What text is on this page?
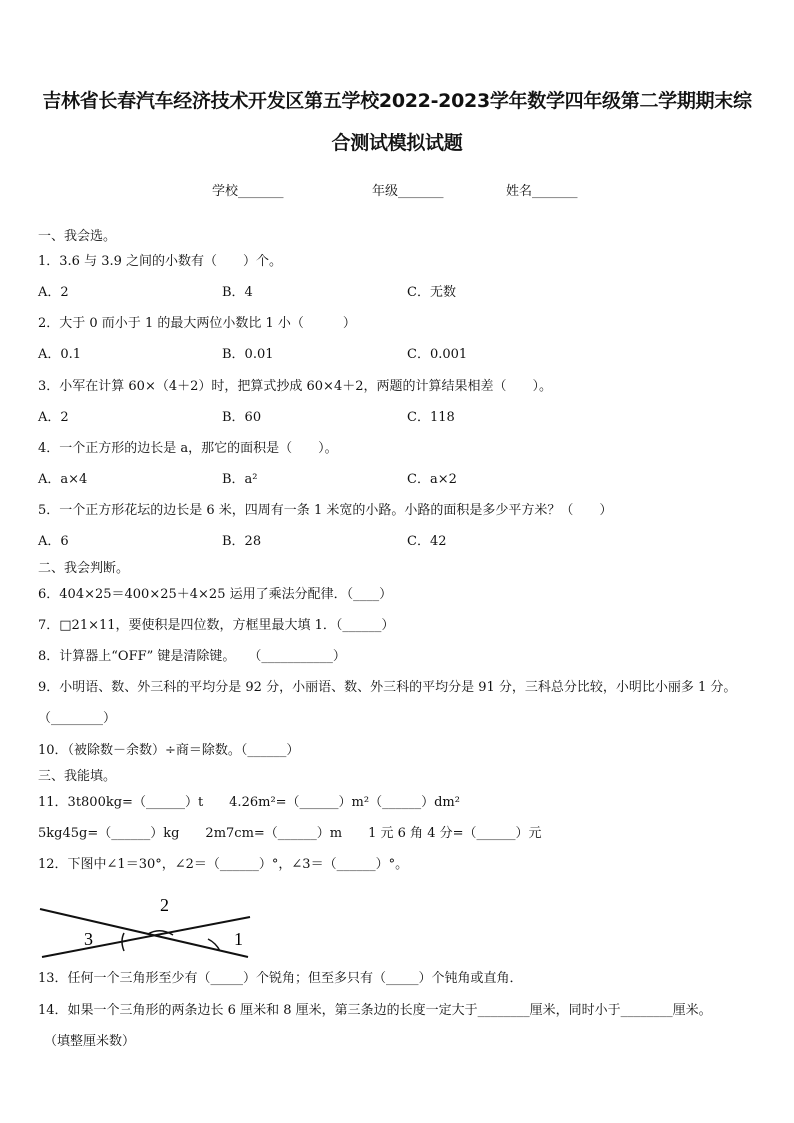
吉林省长春汽车经济技术开发区第五学校2022-2023学年数学四年级第二学期期末综
合测试模拟试题
学校_______	年级_______	姓名_______
一、我会选。
1．3.6 与 3.9 之间的小数有（　　）个。
A．2	B．4	C．无数
2．大于 0 而小于 1 的最大两位小数比 1 小（　　　）
A．0.1	B．0.01	C．0.001
3．小军在计算 60×（4＋2）时，把算式抄成 60×4＋2，两题的计算结果相差（　　）。
A．2	B．60	C．118
4．一个正方形的边长是 a，那它的面积是（　　）。
A．a×4	B．a²	C．a×2
5．一个正方形花坛的边长是 6 米，四周有一条 1 米宽的小路。小路的面积是多少平方米？（　　）
A．6	B．28	C．42
二、我会判断。
6．404×25＝400×25＋4×25 运用了乘法分配律．（____）
7．□21×11，要使积是四位数，方框里最大填 1．（______）
8．计算器上“OFF” 键是清除键。　　（___________）
9．小明语、数、外三科的平均分是 92 分，小丽语、数、外三科的平均分是 91 分，三科总分比较，小明比小丽多 1 分。
（________）
10．（被除数－余数）÷商＝除数。（______）
三、我能填。
11．3t800kg=（______）t　　4.26m²=（______）m²（______）dm²
5kg45g=（______）kg　　2m7cm=（______）m　　1 元 6 角 4 分=（______）元
12．下图中∠1＝30°，∠2＝（______）°，∠3＝（______）°。
2
3	1
13．任何一个三角形至少有（_____）个锐角；但至多只有（_____）个钝角或直角．
14．如果一个三角形的两条边长 6 厘米和 8 厘米，第三条边的长度一定大于________厘米，同时小于________厘米。
（填整厘米数）
